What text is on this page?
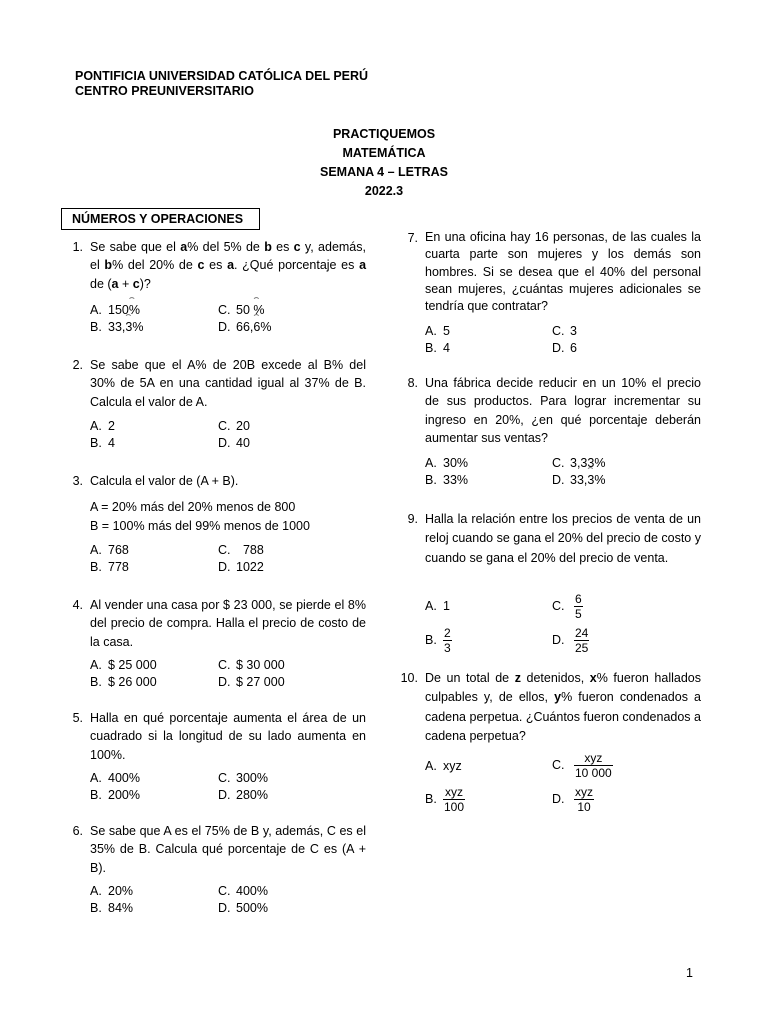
PONTIFICIA UNIVERSIDAD CATÓLICA DEL PERÚ
CENTRO PREUNIVERSITARIO
PRACTIQUEMOS
MATEMÁTICA
SEMANA 4 – LETRAS
2022.3
NÚMEROS Y OPERACIONES
1. Se sabe que el a% del 5% de b es c y, además, el b% del 20% de c es a. ¿Qué porcentaje es a de (a + c)?
A. 150⌢ %	C. 50 ⌢ %
B. 33,⌢ 3%	D. 66,⌢ 6%
2. Se sabe que el A% de 20B excede al B% del 30% de 5A en una cantidad igual al 37% de B. Calcula el valor de A.
A. 2	C. 20
B. 4	D. 40
3. Calcula el valor de (A + B).
A = 20% más del 20% menos de 800
B = 100% más del 99% menos de 1000
A. 768	C. 788
B. 778	D. 1022
4. Al vender una casa por $ 23 000, se pierde el 8% del precio de compra. Halla el precio de costo de la casa.
A. $ 25 000	C. $ 30 000
B. $ 26 000	D. $ 27 000
5. Halla en qué porcentaje aumenta el área de un cuadrado si la longitud de su lado aumenta en 100%.
A. 400%	C. 300%
B. 200%	D. 280%
6. Se sabe que A es el 75% de B y, además, C es el 35% de B. Calcula qué porcentaje de C es (A + B).
A. 20%	C. 400%
B. 84%	D. 500%
7. En una oficina hay 16 personas, de las cuales la cuarta parte son mujeres y los demás son hombres. Si se desea que el 40% del personal sean mujeres, ¿cuántas mujeres adicionales se tendría que contratar?
A. 5	C. 3
B. 4	D. 6
8. Una fábrica decide reducir en un 10% el precio de sus productos. Para lograr incrementar su ingreso en 20%, ¿en qué porcentaje deberán aumentar sus ventas?
A. 30%	C. 3,33%
B. 33%	D. 33,⌢ 3%
9. Halla la relación entre los precios de venta de un reloj cuando se gana el 20% del precio de costo y cuando se gana el 20% del precio de venta.
A. 1	C. $\frac{6}{5}$
B. $\frac{2}{3}$	D. $\frac{24}{25}$
10. De un total de z detenidos, x% fueron hallados culpables y, de ellos, y% fueron condenados a cadena perpetua. ¿Cuántos fueron condenados a cadena perpetua?
A. xyz	C. $\frac{\text{xyz}}{10 000}$
B. $\frac{\text{xyz}}{100}$	D. $\frac{\text{xyz}}{10}$
1
